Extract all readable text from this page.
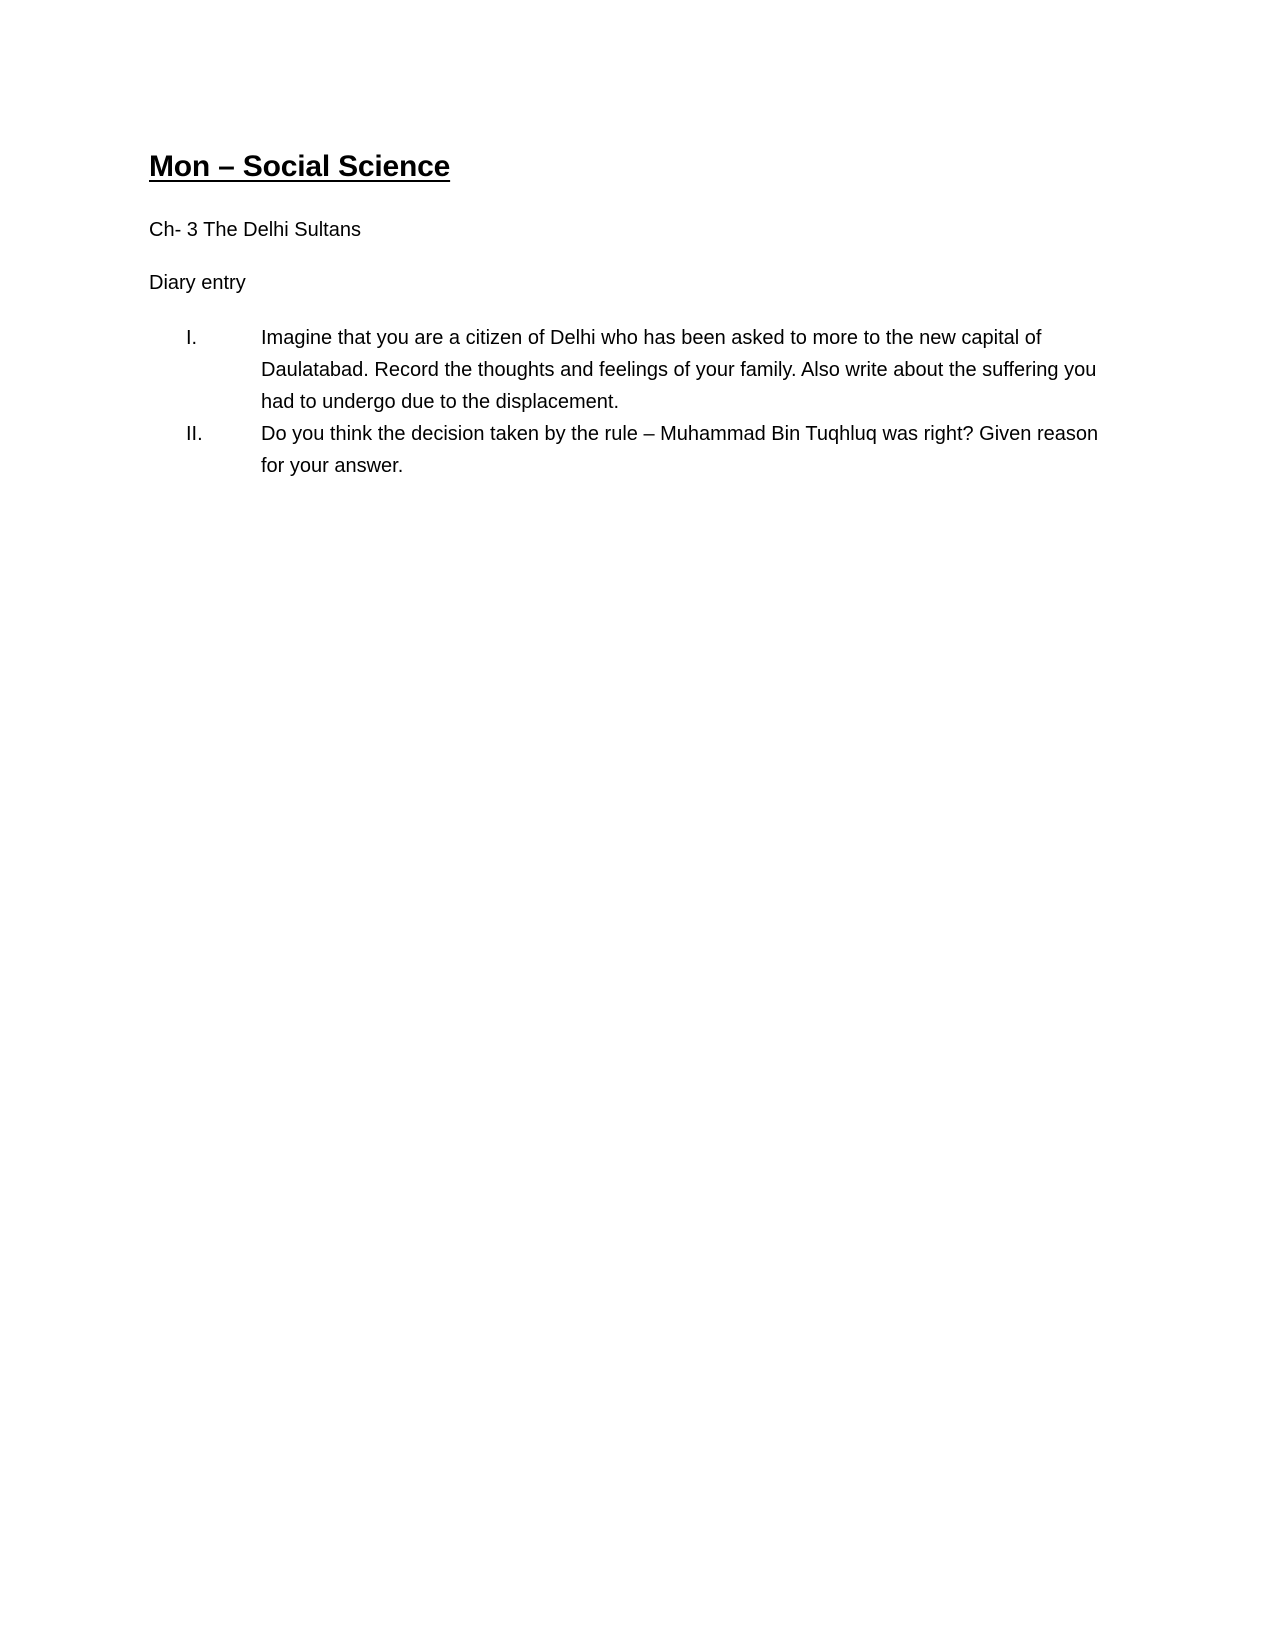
Mon – Social Science

Ch- 3 The Delhi Sultans

Diary entry

I.	Imagine that you are a citizen of Delhi who has been asked to more to the new capital of Daulatabad. Record the thoughts and feelings of your family. Also write about the suffering you had to undergo due to the displacement.
II.	Do you think the decision taken by the rule – Muhammad Bin Tuqhluq was right? Given reason for your answer.
